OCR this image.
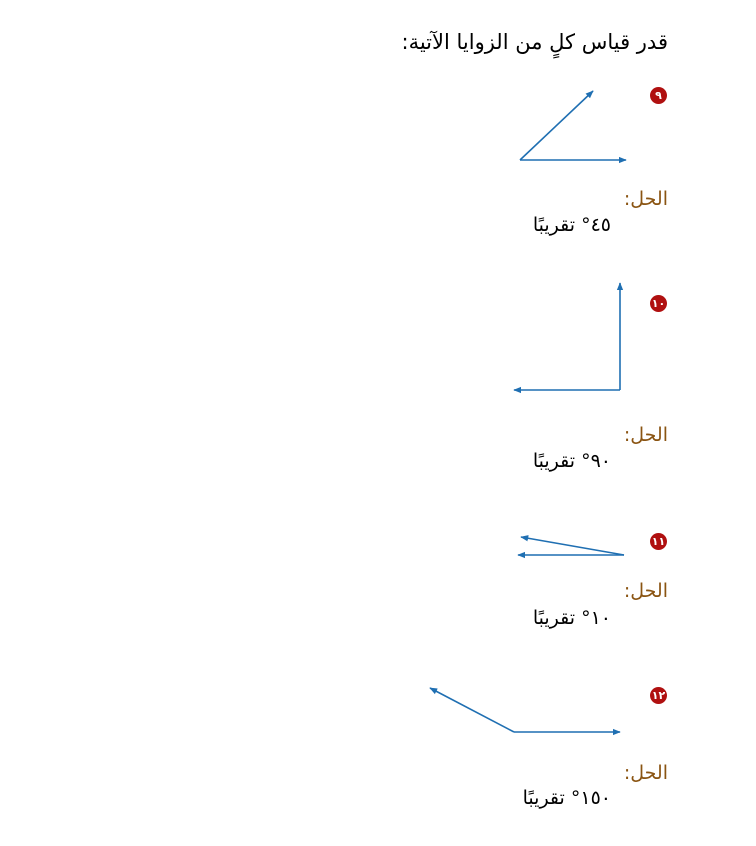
قدر قياس كلٍ من الزوايا الآتية:
٩
الحل:
٤٥° تقريبًا
١٠
الحل:
٩٠° تقريبًا
١١
الحل:
١٠° تقريبًا
١٢
الحل:
١٥٠° تقريبًا
